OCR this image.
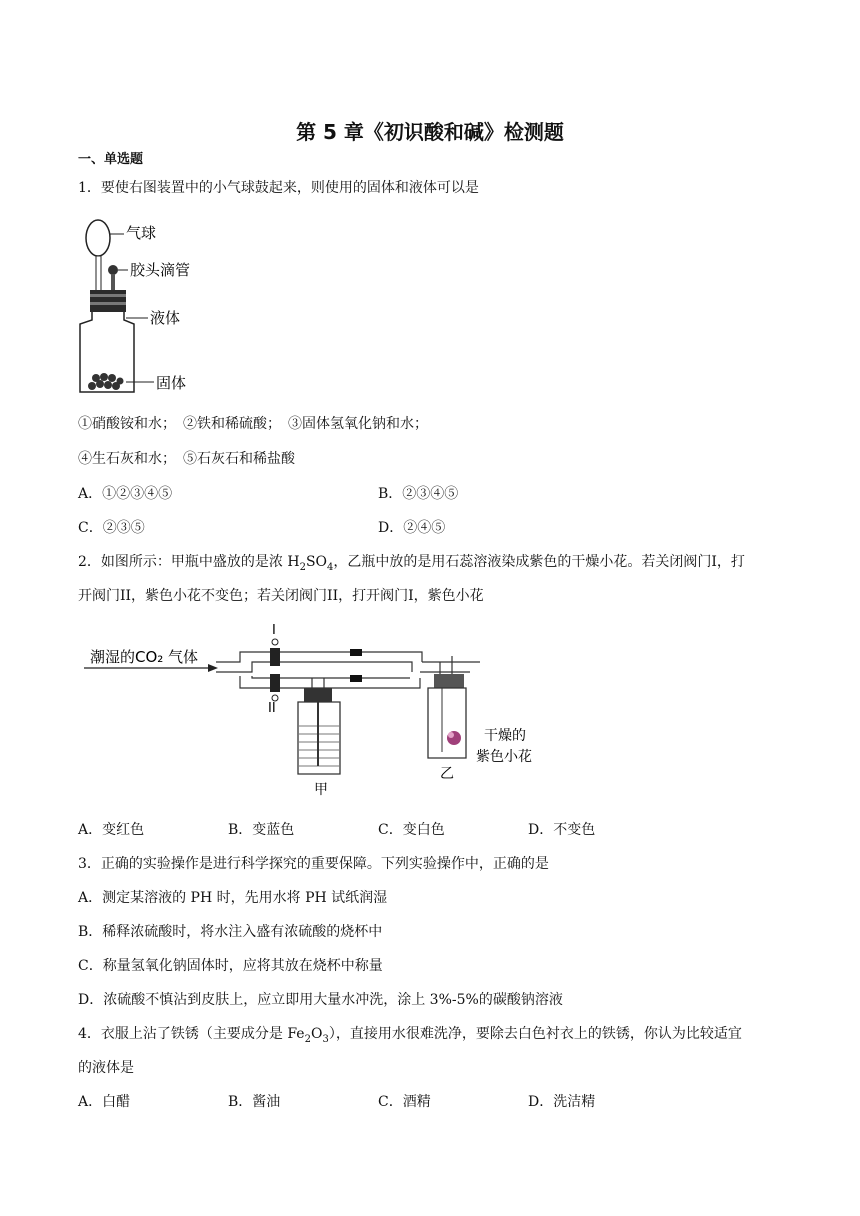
第 5 章《初识酸和碱》检测题
一、单选题
1．要使右图装置中的小气球鼓起来，则使用的固体和液体可以是
气球
胶头滴管
液体
固体
①硝酸铵和水；　②铁和稀硫酸；　③固体氢氧化钠和水；
④生石灰和水；　⑤石灰石和稀盐酸
A．①②③④⑤	B．②③④⑤
C．②③⑤	D．②④⑤
2．如图所示：甲瓶中盛放的是浓 $H_2SO_4$，乙瓶中放的是用石蕊溶液染成紫色的干燥小花。若关闭阀门I，打
开阀门II，紫色小花不变色；若关闭阀门II，打开阀门I，紫色小花
潮湿的CO₂ 气体
I
II
甲
干燥的
紫色小花
乙
A．变红色	B．变蓝色	C．变白色	D．不变色
3．正确的实验操作是进行科学探究的重要保障。下列实验操作中，正确的是
A．测定某溶液的 PH 时，先用水将 PH 试纸润湿
B．稀释浓硫酸时，将水注入盛有浓硫酸的烧杯中
C．称量氢氧化钠固体时，应将其放在烧杯中称量
D．浓硫酸不慎沾到皮肤上，应立即用大量水冲洗，涂上 3%-5%的碳酸钠溶液
4．衣服上沾了铁锈（主要成分是 $Fe_2O_3$），直接用水很难洗净，要除去白色衬衣上的铁锈，你认为比较适宜
的液体是
A．白醋	B．酱油	C．酒精	D．洗洁精
